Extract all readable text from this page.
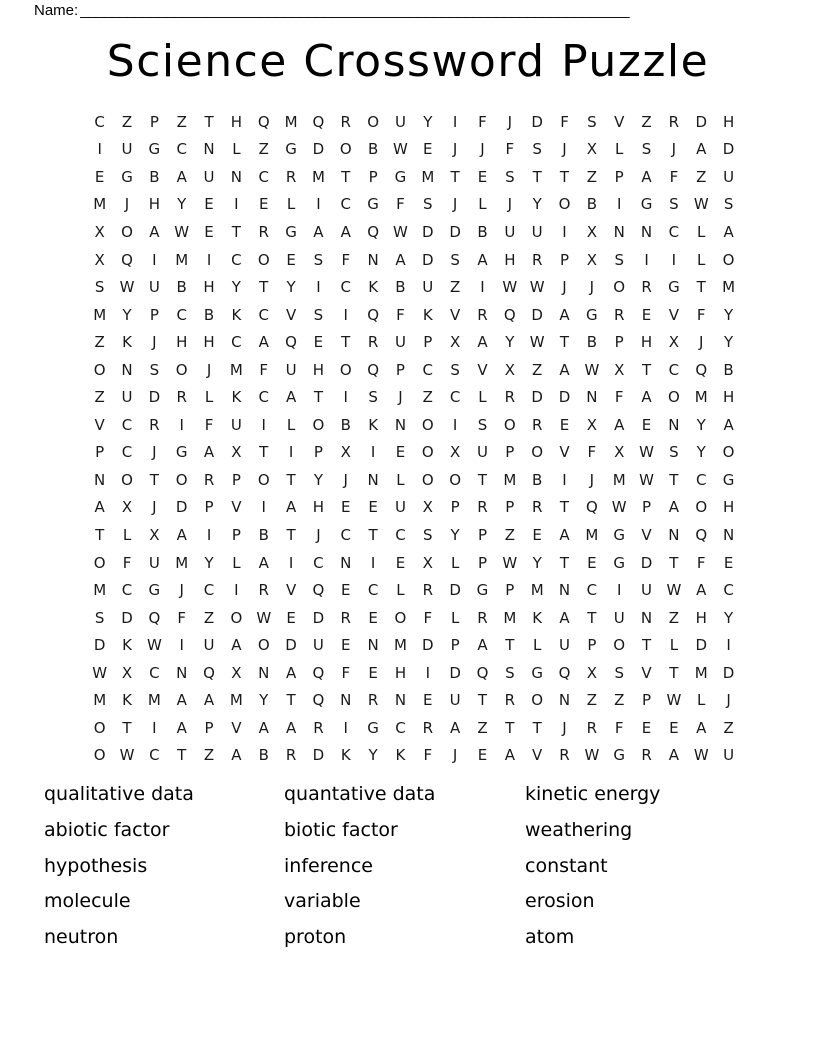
Name: ______________________________________________________________________
Science Crossword Puzzle
C	Z	P	Z	T	H	Q M Q	R	O	U	Y	I	F	J	D	F	S	V	Z	R	D	H
I	U	G	C	N	L	Z	G	D	O	B W	E	J	J	F	S	J	X	L	S	J	A	D
E	G	B	A	U	N	C	R	M	T	P	G	M	T	E	S	T	T	Z	P	A	F	Z	U
M	J	H	Y	E	I	E	L	I	C	G	F	S	J	L	J	Y	O	B	I	G	S	W	S
X	O	A W	E	T	R	G	A	A	Q W D	D	B	U	U	I	X	N	N	C	L	A
X	Q	I	M	I	C	O	E	S	F	N	A	D	S	A	H	R	P	X	S	I	I	L	O
S	W U	B	H	Y	T	Y	I	C	K	B	U	Z	I	W W	J	J	O	R	G	T	M
M	Y	P	C	B	K	C	V	S	I	Q	F	K	V	R	Q	D	A	G	R	E	V	F	Y
Z	K	J	H	H	C	A	Q	E	T	R	U	P	X	A	Y	W	T	B	P	H	X	J	Y
O	N	S	O	J	M	F	U	H	O	Q	P	C	S	V	X	Z	A W X	T	C	Q	B
Z	U	D	R	L	K	C	A	T	I	S	J	Z	C	L	R	D	D	N	F	A	O M	H
V	C	R	I	F	U	I	L	O	B	K	N	O	I	S	O	R	E	X	A	E	N	Y	A
P	C	J	G	A	X	T	I	P	X	I	E	O	X	U	P	O	V	F	X W	S	Y	O
N	O	T	O	R	P	O	T	Y	J	N	L	O	O	T	M	B	I	J	M W	T	C	G
A	X	J	D	P	V	I	A	H	E	E	U	X	P	R	P	R	T	Q W	P	A	O	H
T	L	X	A	I	P	B	T	J	C	T	C	S	Y	P	Z	E	A	M	G	V	N	Q	N
O	F	U	M	Y	L	A	I	C	N	I	E	X	L	P	W	Y	T	E	G	D	T	F	E
M	C	G	J	C	I	R	V	Q	E	C	L	R	D	G	P	M	N	C	I	U W A	C
S	D	Q	F	Z	O W	E	D	R	E	O	F	L	R	M	K	A	T	U	N	Z	H	Y
D	K	W	I	U	A	O	D	U	E	N	M	D	P	A	T	L	U	P	O	T	L	D	I
W X	C	N	Q	X	N	A	Q	F	E	H	I	D	Q	S	G	Q	X	S	V	T	M	D
M	K	M	A	A	M	Y	T	Q	N	R	N	E	U	T	R	O	N	Z	Z	P	W	L	J
O	T	I	A	P	V	A	A	R	I	G	C	R	A	Z	T	T	J	R	F	E	E	A	Z
O W C	T	Z	A	B	R	D	K	Y	K	F	J	E	A	V	R W G	R	A W U
qualitative data	quantative data	kinetic energy
abiotic factor	biotic factor	weathering
hypothesis	inference	constant
molecule	variable	erosion
neutron	proton	atom
